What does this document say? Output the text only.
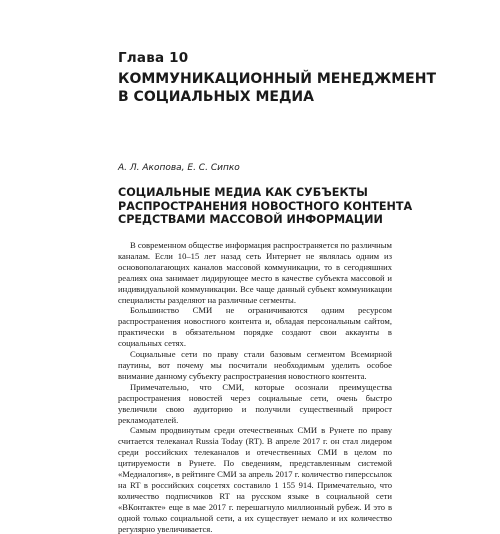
Глава 10
КОММУНИКАЦИОННЫЙ МЕНЕДЖМЕНТ
В СОЦИАЛЬНЫХ МЕДИА
А. Л. Акопова, Е. С. Сипко
СОЦИАЛЬНЫЕ МЕДИА КАК СУБЪЕКТЫ
РАСПРОСТРАНЕНИЯ НОВОСТНОГО КОНТЕНТА
СРЕДСТВАМИ МАССОВОЙ ИНФОРМАЦИИ

В современном обществе информация распространяется по различным каналам. Если 10–15 лет назад сеть Интернет не являлась одним из основополагающих каналов массовой коммуникации, то в сегодняшних реалиях она занимает лидирующее место в качестве субъекта массовой и индивидуальной коммуникации. Все чаще данный субъект коммуникации специалисты разделяют на различные сегменты.

Большинство СМИ не ограничиваются одним ресурсом распространения новостного контента и, обладая персональным сайтом, практически в обязательном порядке создают свои аккаунты в социальных сетях.

Социальные сети по праву стали базовым сегментом Всемирной паутины, вот почему мы посчитали необходимым уделить особое внимание данному субъекту распространения новостного контента.

Примечательно, что СМИ, которые осознали преимущества распространения новостей через социальные сети, очень быстро увеличили свою аудиторию и получили существенный прирост рекламодателей.

Самым продвинутым среди отечественных СМИ в Рунете по праву считается телеканал Russia Today (RT). В апреле 2017 г. он стал лидером среди российских телеканалов и отечественных СМИ в целом по цитируемости в Рунете. По сведениям, представленным системой «Медиалогия», в рейтинге СМИ за апрель 2017 г. количество гиперссылок на RT в российских соцсетях составило 1 155 914. Примечательно, что количество подписчиков RT на русском языке в социальной сети «ВКонтакте» еще в мае 2017 г. перешагнуло миллионный рубеж. И это в одной только социальной сети, а их существует немало и их количество регулярно увеличивается.
